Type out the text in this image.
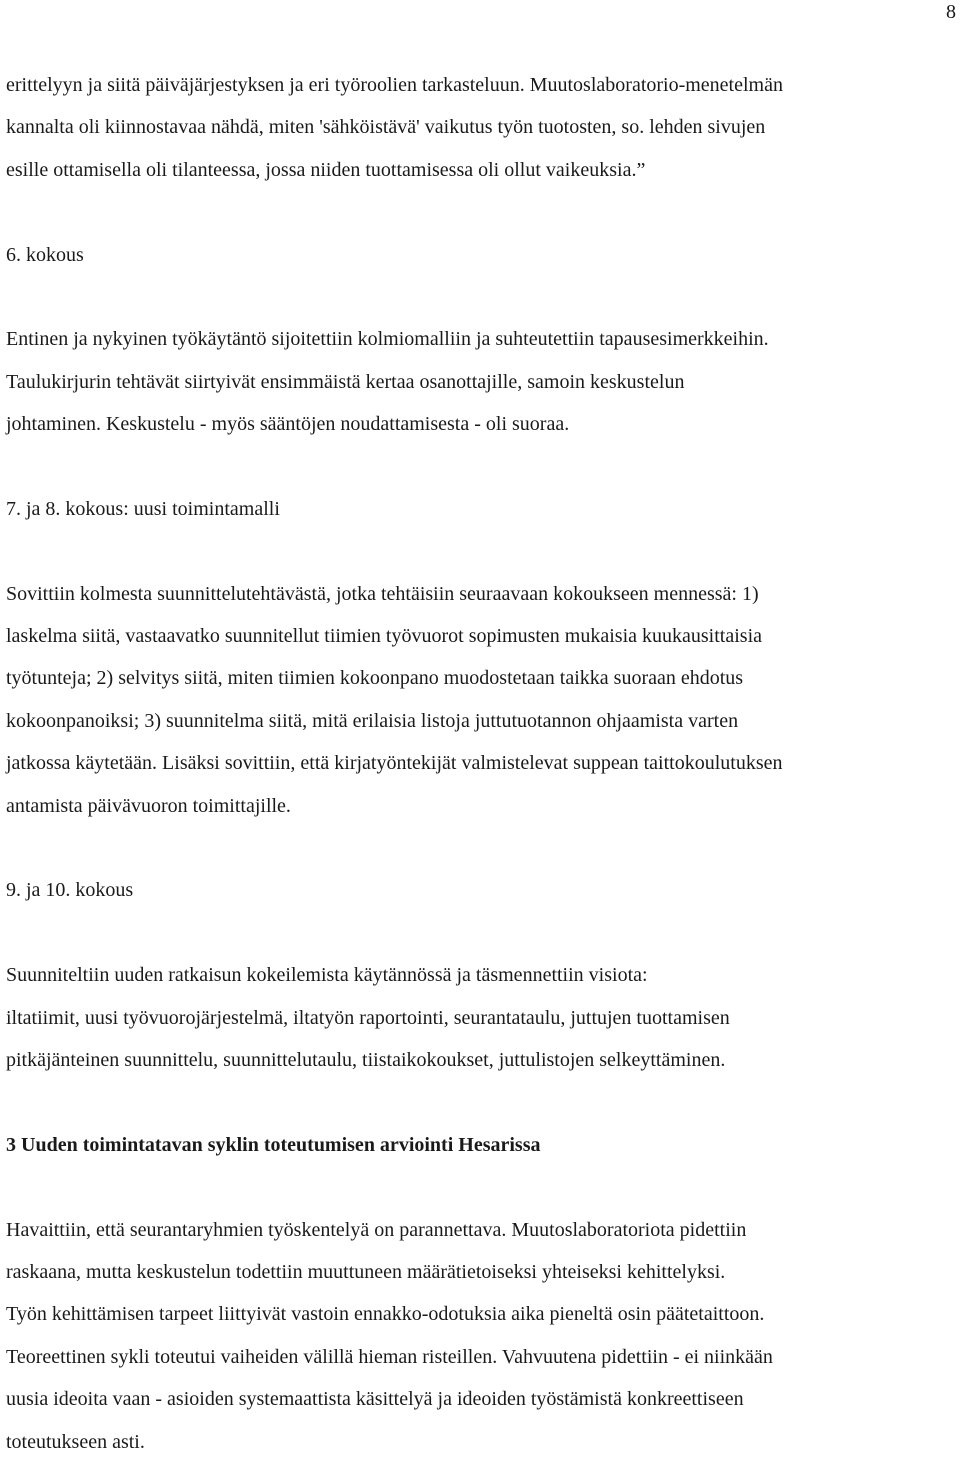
8
erittelyyn ja siitä päiväjärjestyksen ja eri työroolien tarkasteluun. Muutoslaboratorio-menetelmän
kannalta oli kiinnostavaa nähdä, miten 'sähköistävä' vaikutus työn tuotosten, so. lehden sivujen
esille ottamisella oli tilanteessa, jossa niiden tuottamisessa oli ollut vaikeuksia.”
6. kokous
Entinen ja nykyinen työkäytäntö sijoitettiin kolmiomalliin ja suhteutettiin tapausesimerkkeihin.
Taulukirjurin tehtävät siirtyivät ensimmäistä kertaa osanottajille, samoin keskustelun
johtaminen. Keskustelu - myös sääntöjen noudattamisesta - oli suoraa.
7. ja 8. kokous: uusi toimintamalli
Sovittiin kolmesta suunnittelutehtävästä, jotka tehtäisiin seuraavaan kokoukseen mennessä: 1)
laskelma siitä, vastaavatko suunnitellut tiimien työvuorot sopimusten mukaisia kuukausittaisia
työtunteja; 2) selvitys siitä, miten tiimien kokoonpano muodostetaan taikka suoraan ehdotus
kokoonpanoiksi; 3) suunnitelma siitä, mitä erilaisia listoja juttutuotannon ohjaamista varten
jatkossa käytetään. Lisäksi sovittiin, että kirjatyöntekijät valmistelevat suppean taittokoulutuksen
antamista päivävuoron toimittajille.
9. ja 10. kokous
Suunniteltiin uuden ratkaisun kokeilemista käytännössä ja täsmennettiin visiota:
iltatiimit, uusi työvuorojärjestelmä, iltatyön raportointi, seurantataulu, juttujen tuottamisen
pitkäjänteinen suunnittelu, suunnittelutaulu, tiistaikokoukset, juttulistojen selkeyttäminen.
3 Uuden toimintatavan syklin toteutumisen arviointi Hesarissa
Havaittiin, että seurantaryhmien työskentelyä on parannettava. Muutoslaboratoriota pidettiin
raskaana, mutta keskustelun todettiin muuttuneen määrätietoiseksi yhteiseksi kehittelyksi.
Työn kehittämisen tarpeet liittyivät vastoin ennakko-odotuksia aika pieneltä osin päätetaittoon.
Teoreettinen sykli toteutui vaiheiden välillä hieman risteillen. Vahvuutena pidettiin - ei niinkään
uusia ideoita vaan - asioiden systemaattista käsittelyä ja ideoiden työstämistä konkreettiseen
toteutukseen asti.
